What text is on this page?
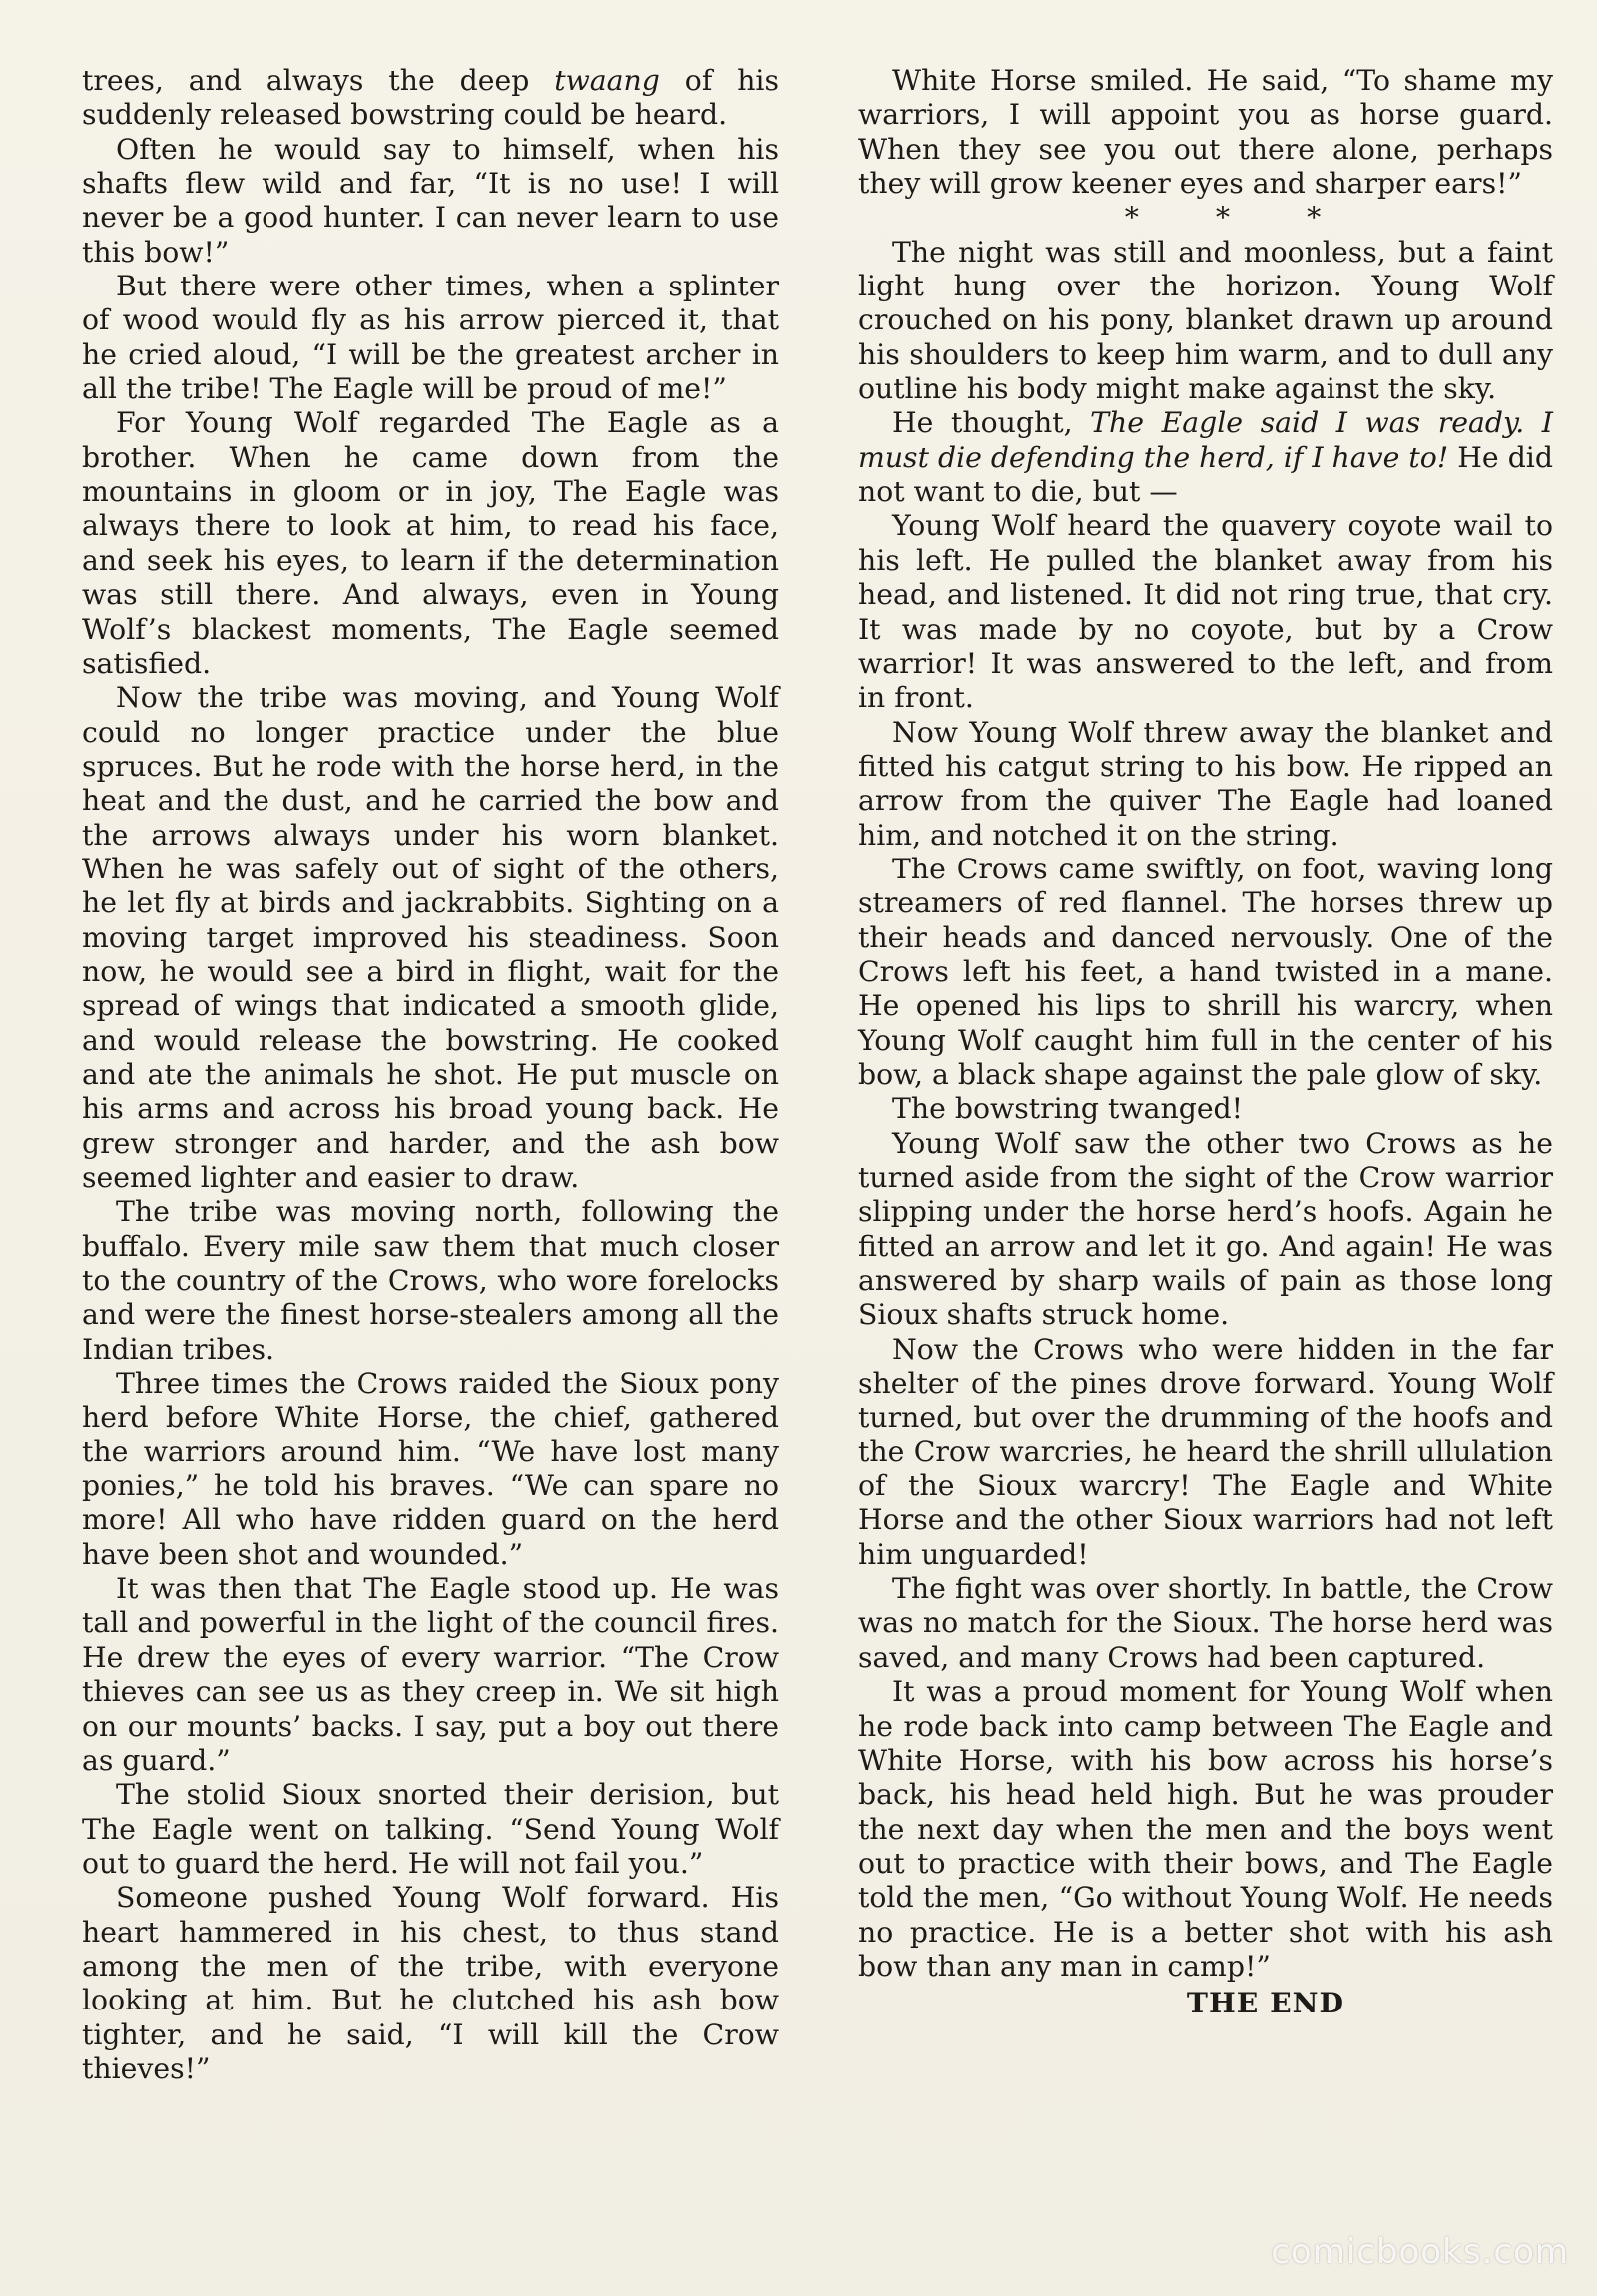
trees, and always the deep twaang of his suddenly released bowstring could be heard.

Often he would say to himself, when his shafts flew wild and far, “It is no use! I will never be a good hunter. I can never learn to use this bow!”

But there were other times, when a splinter of wood would fly as his arrow pierced it, that he cried aloud, “I will be the greatest archer in all the tribe! The Eagle will be proud of me!”

For Young Wolf regarded The Eagle as a brother. When he came down from the mountains in gloom or in joy, The Eagle was always there to look at him, to read his face, and seek his eyes, to learn if the determination was still there. And always, even in Young Wolf’s blackest moments, The Eagle seemed satisfied.

Now the tribe was moving, and Young Wolf could no longer practice under the blue spruces. But he rode with the horse herd, in the heat and the dust, and he carried the bow and the arrows always under his worn blanket. When he was safely out of sight of the others, he let fly at birds and jackrabbits. Sighting on a moving target improved his steadiness. Soon now, he would see a bird in flight, wait for the spread of wings that indicated a smooth glide, and would release the bowstring. He cooked and ate the animals he shot. He put muscle on his arms and across his broad young back. He grew stronger and harder, and the ash bow seemed lighter and easier to draw.

The tribe was moving north, following the buffalo. Every mile saw them that much closer to the country of the Crows, who wore forelocks and were the finest horse-stealers among all the Indian tribes.

Three times the Crows raided the Sioux pony herd before White Horse, the chief, gathered the warriors around him. “We have lost many ponies,” he told his braves. “We can spare no more! All who have ridden guard on the herd have been shot and wounded.”

It was then that The Eagle stood up. He was tall and powerful in the light of the council fires. He drew the eyes of every warrior. “The Crow thieves can see us as they creep in. We sit high on our mounts’ backs. I say, put a boy out there as guard.”

The stolid Sioux snorted their derision, but The Eagle went on talking. “Send Young Wolf out to guard the herd. He will not fail you.”

Someone pushed Young Wolf forward. His heart hammered in his chest, to thus stand among the men of the tribe, with everyone looking at him. But he clutched his ash bow tighter, and he said, “I will kill the Crow thieves!”

White Horse smiled. He said, “To shame my warriors, I will appoint you as horse guard. When they see you out there alone, perhaps they will grow keener eyes and sharper ears!”

* * *

The night was still and moonless, but a faint light hung over the horizon. Young Wolf crouched on his pony, blanket drawn up around his shoulders to keep him warm, and to dull any outline his body might make against the sky.

He thought, The Eagle said I was ready. I must die defending the herd, if I have to! He did not want to die, but —

Young Wolf heard the quavery coyote wail to his left. He pulled the blanket away from his head, and listened. It did not ring true, that cry. It was made by no coyote, but by a Crow warrior! It was answered to the left, and from in front.

Now Young Wolf threw away the blanket and fitted his catgut string to his bow. He ripped an arrow from the quiver The Eagle had loaned him, and notched it on the string.

The Crows came swiftly, on foot, waving long streamers of red flannel. The horses threw up their heads and danced nervously. One of the Crows left his feet, a hand twisted in a mane. He opened his lips to shrill his warcry, when Young Wolf caught him full in the center of his bow, a black shape against the pale glow of sky.

The bowstring twanged!

Young Wolf saw the other two Crows as he turned aside from the sight of the Crow warrior slipping under the horse herd’s hoofs. Again he fitted an arrow and let it go. And again! He was answered by sharp wails of pain as those long Sioux shafts struck home.

Now the Crows who were hidden in the far shelter of the pines drove forward. Young Wolf turned, but over the drumming of the hoofs and the Crow warcries, he heard the shrill ullulation of the Sioux warcry! The Eagle and White Horse and the other Sioux warriors had not left him unguarded!

The fight was over shortly. In battle, the Crow was no match for the Sioux. The horse herd was saved, and many Crows had been captured.

It was a proud moment for Young Wolf when he rode back into camp between The Eagle and White Horse, with his bow across his horse’s back, his head held high. But he was prouder the next day when the men and the boys went out to practice with their bows, and The Eagle told the men, “Go without Young Wolf. He needs no practice. He is a better shot with his ash bow than any man in camp!”

THE END
comicbooks.com
